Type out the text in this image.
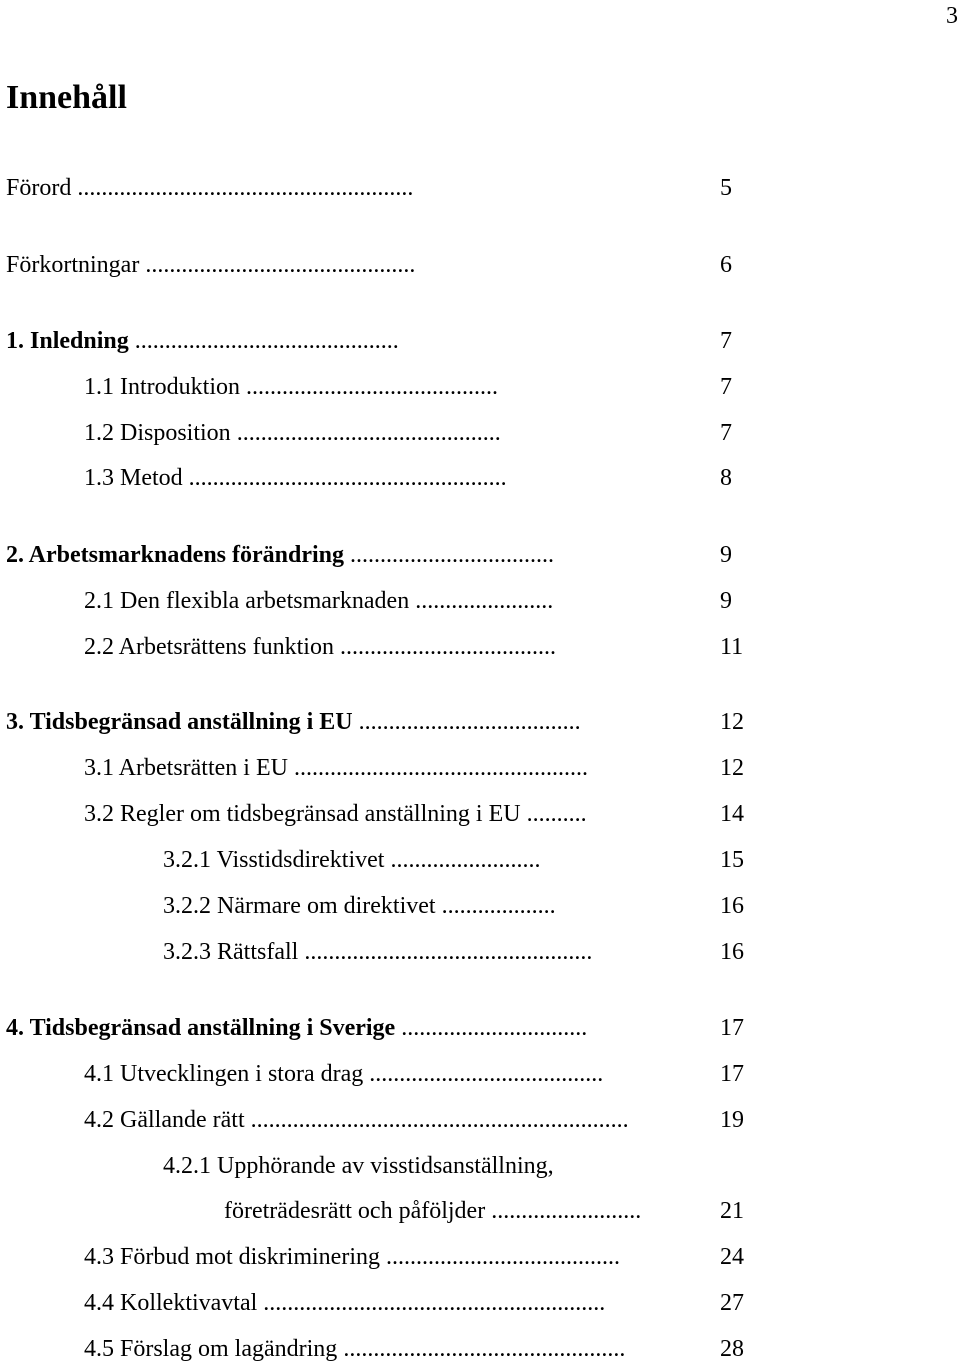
3
Innehåll
Förord ........................................................	5
Förkortningar .............................................	6
1. Inledning ............................................	7
1.1 Introduktion ..........................................	7
1.2 Disposition ............................................	7
1.3 Metod .....................................................	8
2. Arbetsmarknadens förändring ..................................	9
2.1 Den flexibla arbetsmarknaden .......................	9
2.2 Arbetsrättens funktion ....................................	11
3. Tidsbegränsad anställning i EU .....................................	12
3.1 Arbetsrätten i EU .................................................	12
3.2 Regler om tidsbegränsad anställning i EU ..........	14
3.2.1 Visstidsdirektivet .........................	15
3.2.2 Närmare om direktivet ...................	16
3.2.3 Rättsfall ................................................	16
4. Tidsbegränsad anställning i Sverige ...............................	17
4.1 Utvecklingen i stora drag .......................................	17
4.2 Gällande rätt ...............................................................	19
4.2.1 Upphörande av visstidsanställning,
företrädesrätt och påföljder .........................	21
4.3 Förbud mot diskriminering .......................................	24
4.4 Kollektivavtal .........................................................	27
4.5 Förslag om lagändring ...............................................	28
